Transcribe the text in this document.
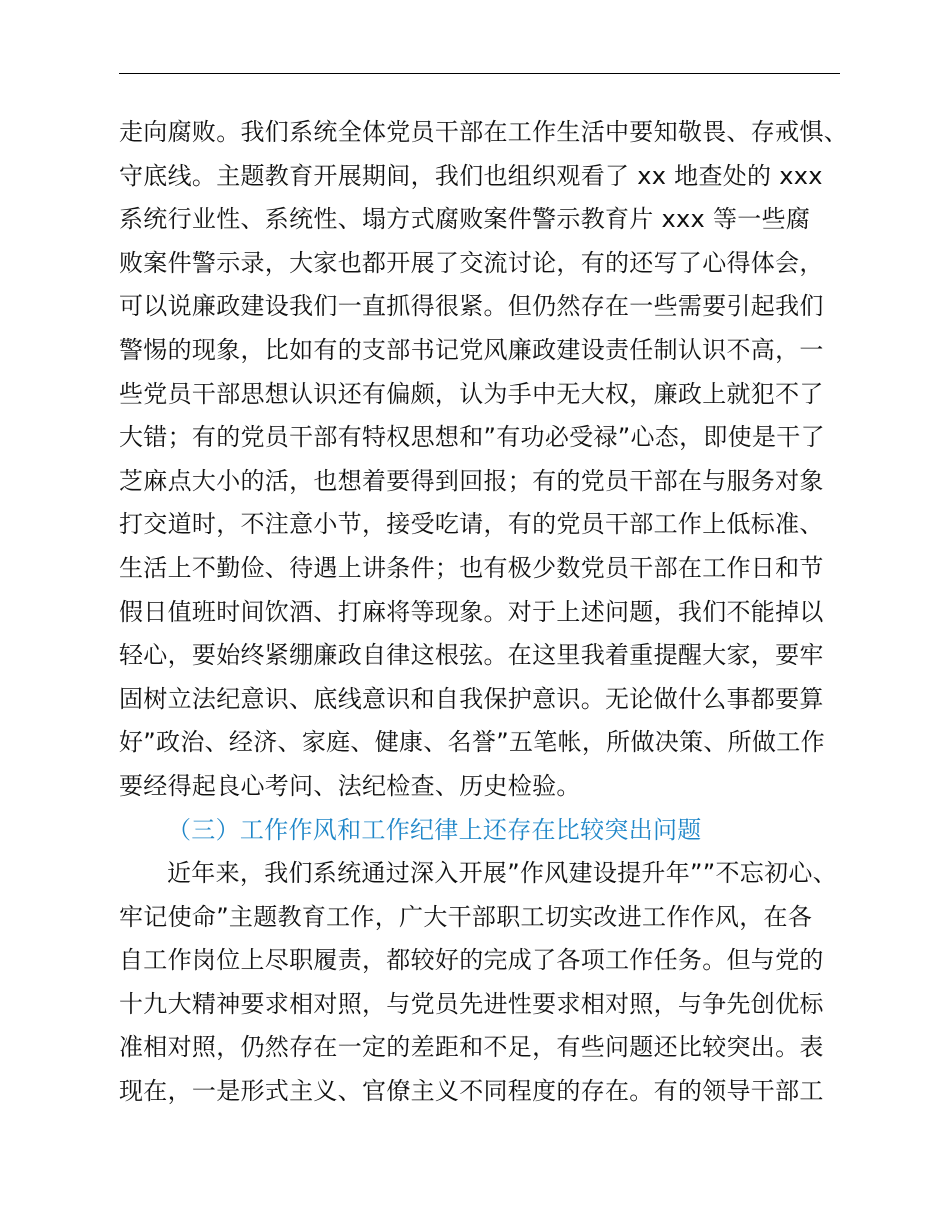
走向腐败。我们系统全体党员干部在工作生活中要知敬畏、存戒惧、
守底线。主题教育开展期间，我们也组织观看了 xx 地查处的 xxx
系统行业性、系统性、塌方式腐败案件警示教育片 xxx 等一些腐
败案件警示录，大家也都开展了交流讨论，有的还写了心得体会，
可以说廉政建设我们一直抓得很紧。但仍然存在一些需要引起我们
警惕的现象，比如有的支部书记党风廉政建设责任制认识不高，一
些党员干部思想认识还有偏颇，认为手中无大权，廉政上就犯不了
大错；有的党员干部有特权思想和”有功必受禄”心态，即使是干了
芝麻点大小的活，也想着要得到回报；有的党员干部在与服务对象
打交道时，不注意小节，接受吃请，有的党员干部工作上低标准、
生活上不勤俭、待遇上讲条件；也有极少数党员干部在工作日和节
假日值班时间饮酒、打麻将等现象。对于上述问题，我们不能掉以
轻心，要始终紧绷廉政自律这根弦。在这里我着重提醒大家，要牢
固树立法纪意识、底线意识和自我保护意识。无论做什么事都要算
好”政治、经济、家庭、健康、名誉”五笔帐，所做决策、所做工作
要经得起良心考问、法纪检查、历史检验。
（三）工作作风和工作纪律上还存在比较突出问题
近年来，我们系统通过深入开展”作风建设提升年””不忘初心、
牢记使命”主题教育工作，广大干部职工切实改进工作作风，在各
自工作岗位上尽职履责，都较好的完成了各项工作任务。但与党的
十九大精神要求相对照，与党员先进性要求相对照，与争先创优标
准相对照，仍然存在一定的差距和不足，有些问题还比较突出。表
现在，一是形式主义、官僚主义不同程度的存在。有的领导干部工
